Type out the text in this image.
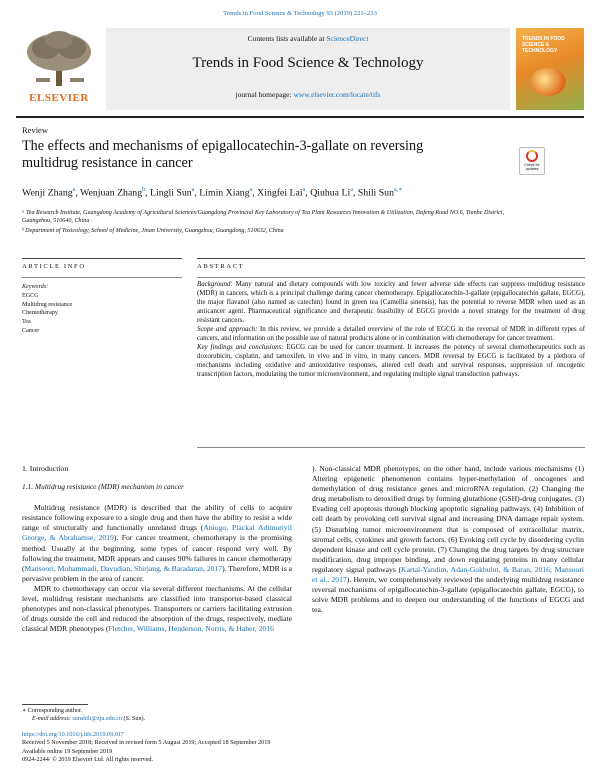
Trends in Food Science & Technology 93 (2019) 221–233
ELSEVIER
Contents lists available at ScienceDirect
Trends in Food Science & Technology
journal homepage: www.elsevier.com/locate/tifs
TRENDS IN FOOD SCIENCE & TECHNOLOGY
Review
The effects and mechanisms of epigallocatechin-3-gallate on reversing multidrug resistance in cancer	Check for updates
Wenji Zhang$^a$, Wenjuan Zhang$^b$, Lingli Sun$^a$, Limin Xiang$^a$, Xingfei Lai$^a$, Qiuhua Li$^a$, Shili Sun$^{a,∗}$
ᵃ Tea Research Institute, Guangdong Academy of Agricultural Sciences/Guangdong Provincial Key Laboratory of Tea Plant Resources Innovation & Utilization, Dafeng Road NO.6, Tianhe District, Guangzhou, 510640, China
ᵇ Department of Toxicology, School of Medicine, Jinan University, Guangzhou, Guangdong, 510632, China
ARTICLE INFO	ABSTRACT
Keywords:
EGCG
Multidrug resistance
Chemotherapy
Tea
Cancer

Background: Many natural and dietary compounds with low toxicity and fewer adverse side effects can suppress multidrug resistance (MDR) in cancers, which is a principal challenge during cancer chemotherapy. Epigallocatechin-3-gallate (epigallocatechin gallate, EGCG), the major flavanol (also named as catechin) found in green tea (Camellia sinensis), has the potential to reverse MDR when used as an anticancer agent. Pharmaceutical significance and therapeutic feasibility of EGCG provide a novel strategy for the treatment of drug resistant cancers.

Scope and approach: In this review, we provide a detailed overview of the role of EGCG in the reversal of MDR in different types of cancers, and information on the possible use of natural products alone or in combination with chemotherapy for cancer treatment.

Key findings and conclusions: EGCG can be used for cancer treatment. It increases the potency of several chemotherapeutics such as doxorubicin, cisplatin, and tamoxifen, in vivo and in vitro, in many cancers. MDR reversal by EGCG is facilitated by a plethora of mechanisms including oxidative and antioxidative responses, altered cell death and survival responses, suppression of oncogenic transcription factors, modulating the tumor microenvironment, and regulating multiple signal transduction pathways.

1. Introduction
1.1. Multidrug resistance (MDR) mechanism in cancer

Multidrug resistance (MDR) is described that the ability of cells to acquire resistance following exposure to a single drug and then have the ability to resist a wide range of structurally and functionally unrelated drugs (Aniogo, Plackal Adimuriyil George, & Abrahamse, 2019). For cancer treatment, chemotherapy is the promising method. Usually at the beginning, some types of cancer respond very well. By following the treatment, MDR appears and causes 90% failures in cancer chemotherapy (Mansoori, Mohammadi, Davudian, Shirjang, & Baradaran, 2017). Therefore, MDR is a pervasive problem in the area of cancer.

MDR to chemotherapy can occur via several different mechanisms. At the cellular level, multidrug resistant mechanisms are classified into transporter-based classical phenotypes and non-classical phenotypes. Transporters or carriers facilitating extrusion of drugs outside the cell and reduced the absorption of the drugs, respectively, mediate classical MDR phenotypes (Fletcher, Williams, Henderson, Norris, & Haber, 2016

). Non-classical MDR phenotypes, on the other hand, include various mechanisms (1) Altering epigenetic phenomenon contains hyper-methylation of oncogenes and demethylation of drug resistance genes and microRNA regulation. (2) Changing the drug metabolism to detoxified drugs by forming glutathione (GSH)-drug conjugates. (3) Evading cell apoptosis through blocking apoptotic signaling pathways. (4) Inhibition of cell death by provoking cell survival signal and increasing DNA damage repair system. (5) Disturbing tumor microenvironment that is composed of extracellular matrix, stromal cells, cytokines and growth factors. (6) Evoking cell cycle by disordering cyclin dependent kinase and cell cycle protein. (7) Changing the drug targets by drug structure modification, drug improper binding, and down regulating proteins in many cellular regulatory signal pathways (Kartal-Yandim, Adan-Gokbulut, & Baran, 2016; Mansoori et al., 2017). Herein, we comprehensively reviewed the underlying multidrug resistance reversal mechanisms of epigallocatechin-3-gallate (epigallocatechin gallate, EGCG), to solve MDR problems and to deepen our understanding of the functions of EGCG and tea.

∗ Corresponding author.
E-mail address: sunshili@zju.edu.cn (S. Sun).
https://doi.org/10.1016/j.tifs.2019.09.017
Received 5 November 2018; Received in revised form 5 August 2019; Accepted 18 September 2019
Available online 19 September 2019
0924-2244/ © 2019 Elsevier Ltd. All rights reserved.
